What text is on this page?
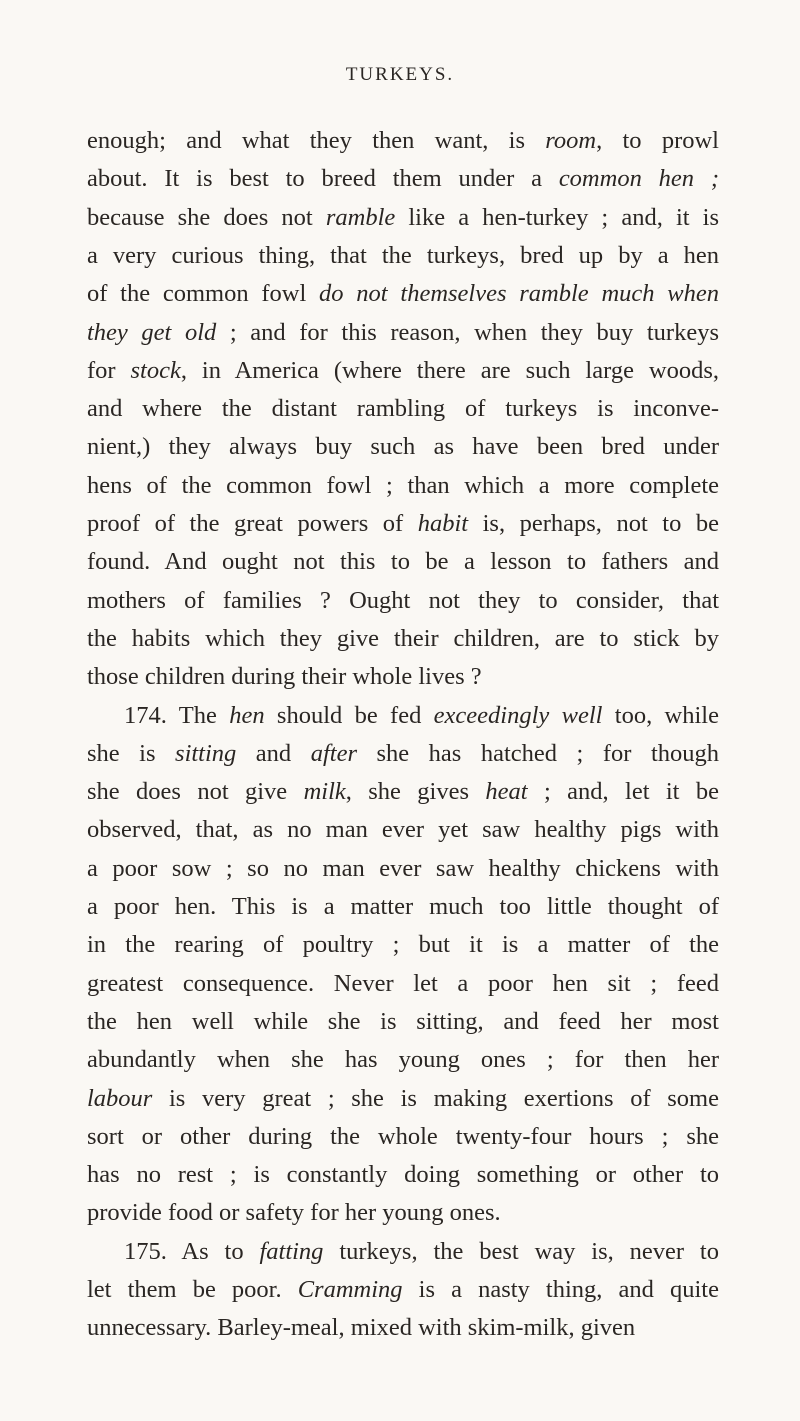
TURKEYS.
enough; and what they then want, is room, to prowl
about. It is best to breed them under a common hen ;
because she does not ramble like a hen-turkey ; and, it is
a very curious thing, that the turkeys, bred up by a hen
of the common fowl do not themselves ramble much when
they get old ; and for this reason, when they buy turkeys
for stock, in America (where there are such large woods,
and where the distant rambling of turkeys is inconve-
nient,) they always buy such as have been bred under
hens of the common fowl ; than which a more complete
proof of the great powers of habit is, perhaps, not to be
found. And ought not this to be a lesson to fathers and
mothers of families ? Ought not they to consider, that
the habits which they give their children, are to stick by
those children during their whole lives ?
174. The hen should be fed exceedingly well too, while
she is sitting and after she has hatched ; for though
she does not give milk, she gives heat ; and, let it be
observed, that, as no man ever yet saw healthy pigs with
a poor sow ; so no man ever saw healthy chickens with
a poor hen. This is a matter much too little thought of
in the rearing of poultry ; but it is a matter of the
greatest consequence. Never let a poor hen sit ; feed
the hen well while she is sitting, and feed her most
abundantly when she has young ones ; for then her
labour is very great ; she is making exertions of some
sort or other during the whole twenty-four hours ; she
has no rest ; is constantly doing something or other to
provide food or safety for her young ones.
175. As to fatting turkeys, the best way is, never to
let them be poor. Cramming is a nasty thing, and quite
unnecessary. Barley-meal, mixed with skim-milk, given
